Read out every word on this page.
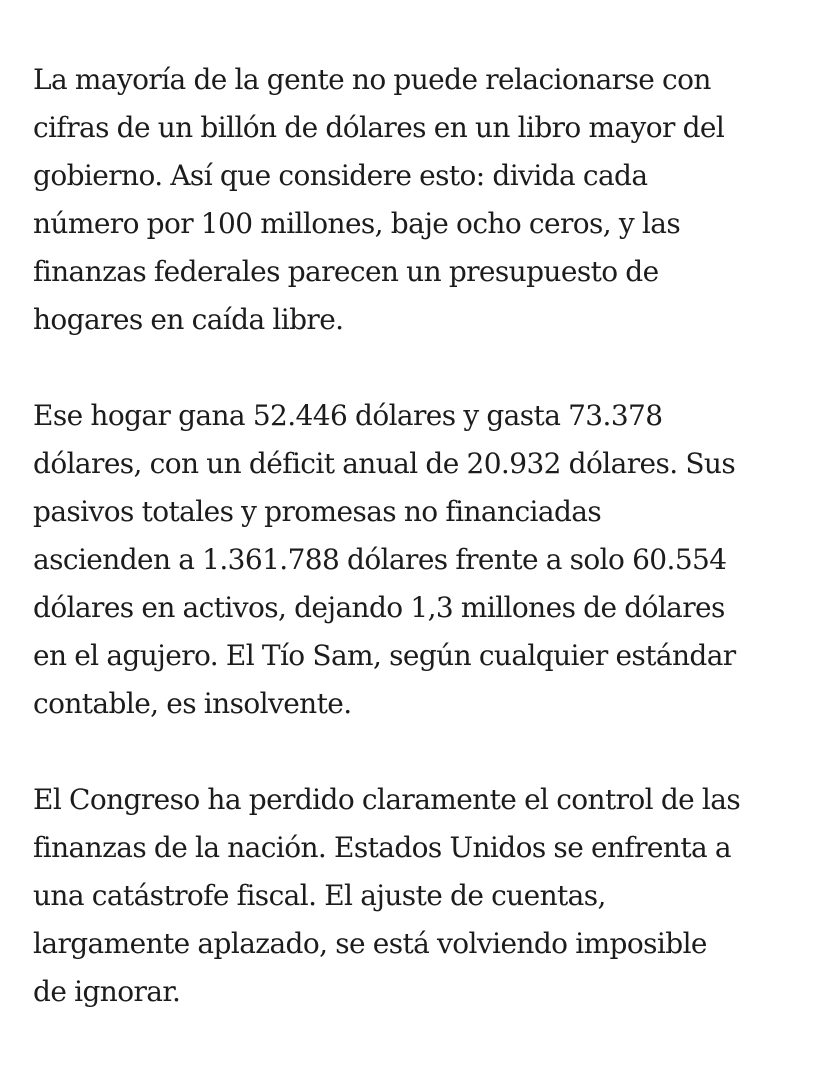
La mayoría de la gente no puede relacionarse con
cifras de un billón de dólares en un libro mayor del
gobierno. Así que considere esto: divida cada
número por 100 millones, baje ocho ceros, y las
finanzas federales parecen un presupuesto de
hogares en caída libre.

Ese hogar gana 52.446 dólares y gasta 73.378
dólares, con un déficit anual de 20.932 dólares. Sus
pasivos totales y promesas no financiadas
ascienden a 1.361.788 dólares frente a solo 60.554
dólares en activos, dejando 1,3 millones de dólares
en el agujero. El Tío Sam, según cualquier estándar
contable, es insolvente.

El Congreso ha perdido claramente el control de las
finanzas de la nación. Estados Unidos se enfrenta a
una catástrofe fiscal. El ajuste de cuentas,
largamente aplazado, se está volviendo imposible
de ignorar.
